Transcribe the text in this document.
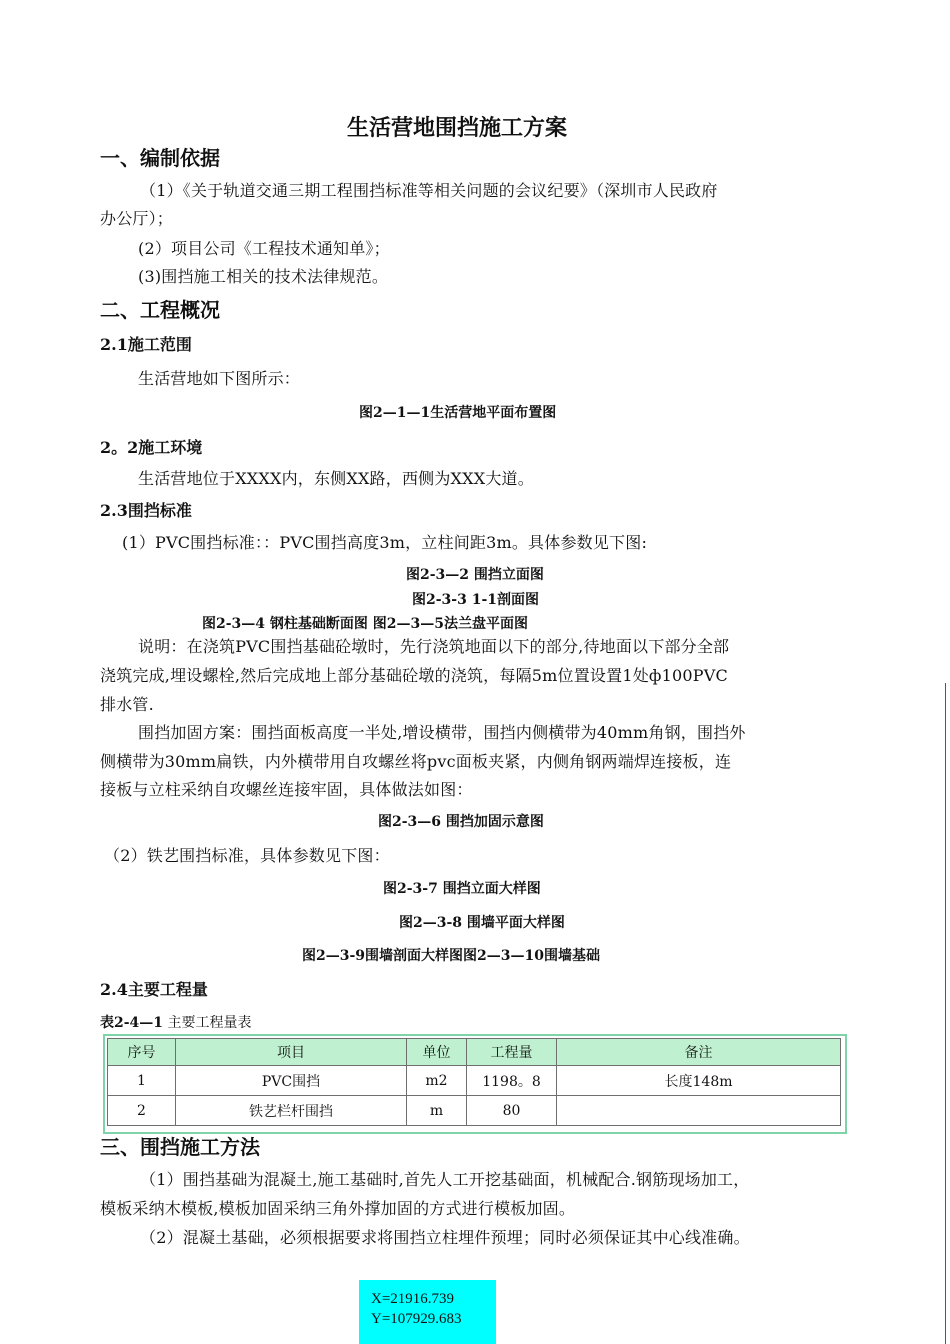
生活营地围挡施工方案
一、编制依据
（1）《关于轨道交通三期工程围挡标准等相关问题的会议纪要》（深圳市人民政府
办公厅）；
(2）项目公司《工程技术通知单》；
(3)围挡施工相关的技术法律规范。
二、工程概况
2.1施工范围
生活营地如下图所示：
图2—1—1生活营地平面布置图
2。2施工环境
生活营地位于XXXX内，东侧XX路，西侧为XXX大道。
2.3围挡标准
(1）PVC围挡标准：：PVC围挡高度3m，立柱间距3m。具体参数见下图:
图2-3—2 围挡立面图
图2-3-3 1-1剖面图
图2-3—4 钢柱基础断面图 图2—3—5法兰盘平面图
说明：在浇筑PVC围挡基础砼墩时，先行浇筑地面以下的部分,待地面以下部分全部
浇筑完成,埋设螺栓,然后完成地上部分基础砼墩的浇筑，每隔5m位置设置1处ф100PVC
排水管.
围挡加固方案：围挡面板高度一半处,增设横带，围挡内侧横带为40mm角钢，围挡外
侧横带为30mm扁铁，内外横带用自攻螺丝将pvc面板夹紧，内侧角钢两端焊连接板，连
接板与立柱采纳自攻螺丝连接牢固，具体做法如图：
图2-3—6 围挡加固示意图
（2）铁艺围挡标准，具体参数见下图：
图2-3-7 围挡立面大样图
图2—3-8 围墙平面大样图
图2—3-9围墙剖面大样图图2—3—10围墙基础
2.4主要工程量
表2-4—1 主要工程量表
序号	项目	单位	工程量	备注
1	PVC围挡	m2	1198。8	长度148m
2	铁艺栏杆围挡	m	80	
三、围挡施工方法
（1）围挡基础为混凝土,施工基础时,首先人工开挖基础面，机械配合.钢筋现场加工，
模板采纳木模板,模板加固采纳三角外撑加固的方式进行模板加固。
（2）混凝土基础，必须根据要求将围挡立柱埋件预埋；同时必须保证其中心线准确。
X=21916.739
Y=107929.683
